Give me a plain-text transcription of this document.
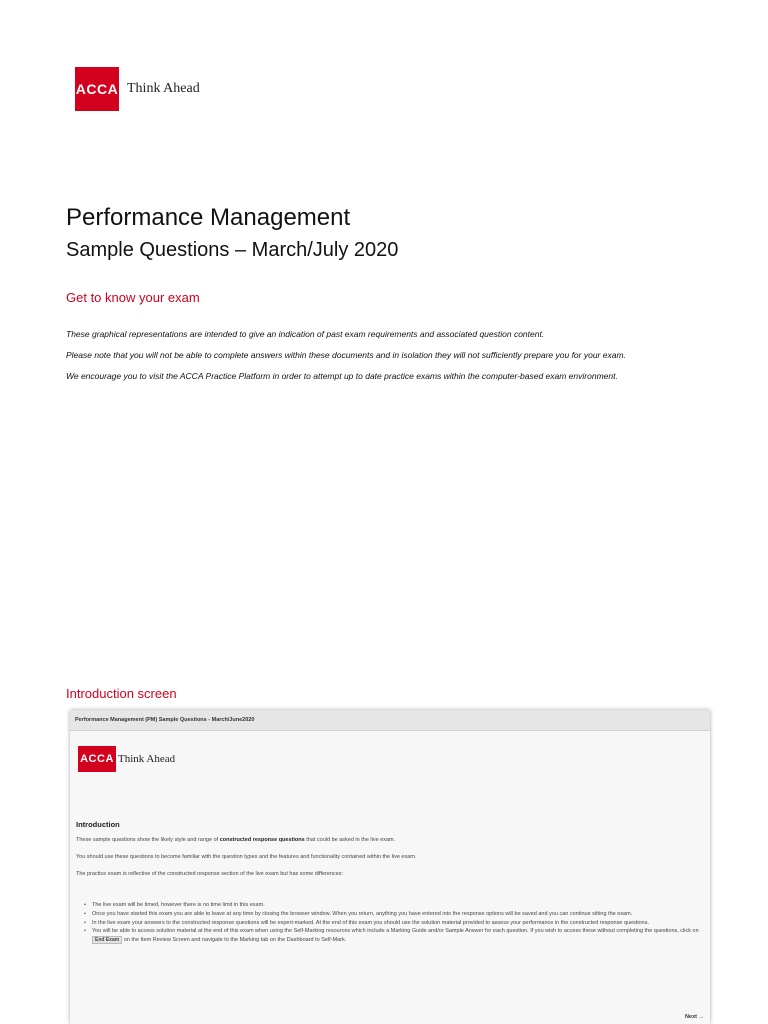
ACCA Think Ahead
Performance Management
Sample Questions – March/July 2020
Get to know your exam
These graphical representations are intended to give an indication of past exam requirements and associated question content.
Please note that you will not be able to complete answers within these documents and in isolation they will not sufficiently prepare you for your exam.
We encourage you to visit the ACCA Practice Platform in order to attempt up to date practice exams within the computer-based exam environment.
Introduction screen
Performance Management (PM) Sample Questions - March/June2020
ACCA Think Ahead
Introduction
These sample questions show the likely style and range of constructed response questions that could be asked in the live exam.
You should use these questions to become familiar with the question types and the features and functionality contained within the live exam.
The practice exam is reflective of the constructed response section of the live exam but has some differences:
• The live exam will be timed, however there is no time limit in this exam.
• Once you have started this exam you are able to leave at any time by closing the browser window. When you return, anything you have entered into the response options will be saved and you can continue sitting the exam.
• In the live exam your answers to the constructed response questions will be expert-marked. At the end of this exam you should use the solution material provided to assess your performance in the constructed response questions.
• You will be able to access solution material at the end of this exam when using the Self-Marking resources which include a Marking Guide and/or Sample Answer for each question. If you wish to access these without completing the questions, click on End Exam on the Item Review Screen and navigate to the Marking tab on the Dashboard to Self-Mark.
Next →
